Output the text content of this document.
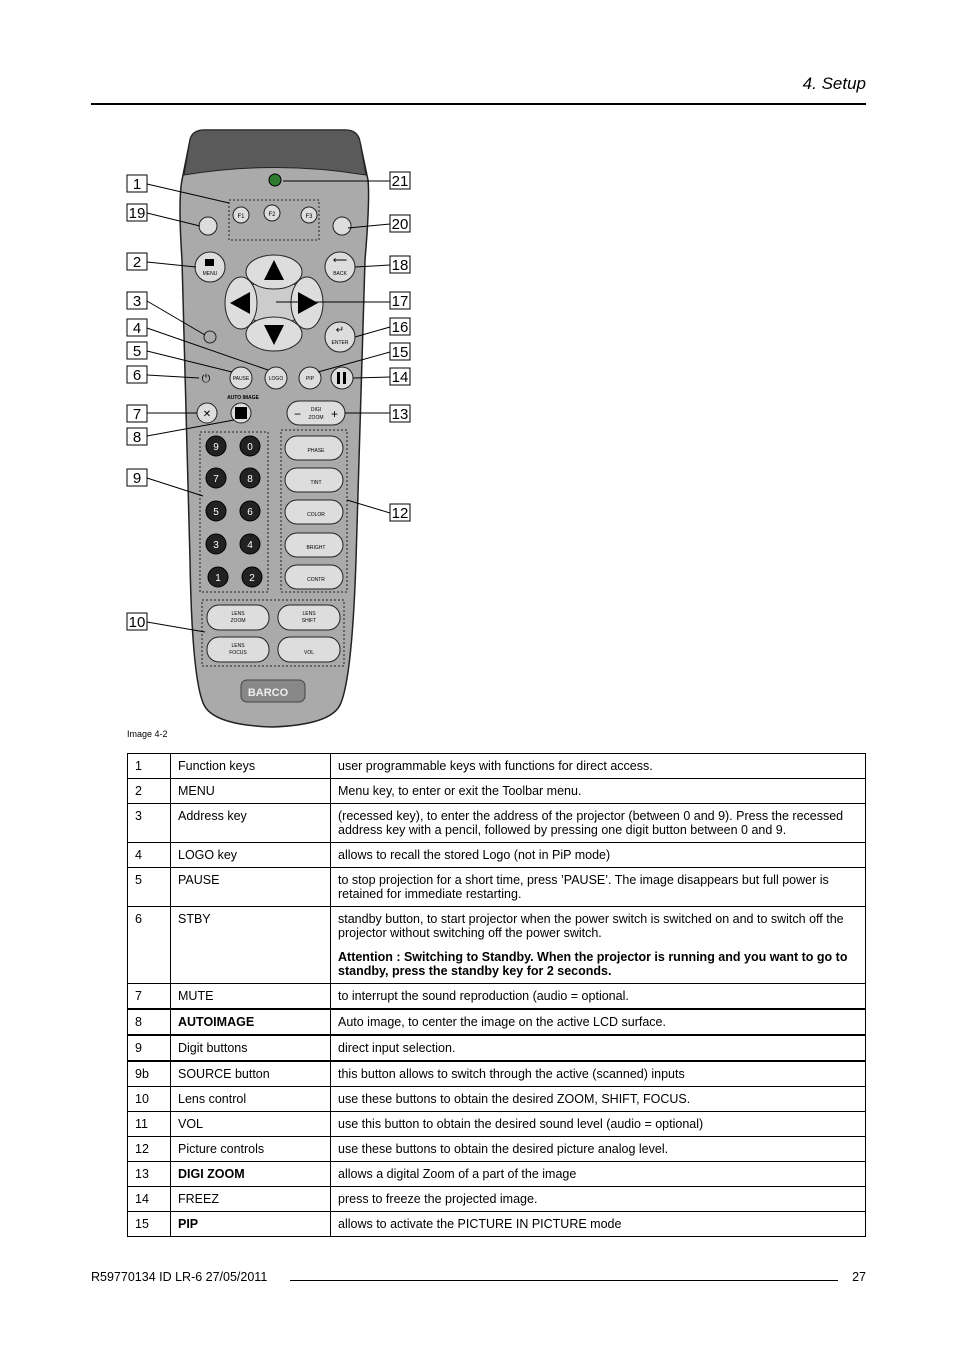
4. Setup
F1	F2	F3
MENU
⟵
BACK
↵
ENTER
⏻	PAUSE	LOGO	PIP
AUTO IMAGE
✕	− +
DIGI
ZOOM
9	0
7	8
5	6
3	4
1	2
PHASE
TINT
COLOR
BRIGHT
CONTR
LENS
ZOOM
LENS
SHIFT
LENS
FOCUS	VOL
BARCO
1
19
2
3
4
5
6
7
8
9
10
21
20
18
17
16
15
14
13
12
Image 4-2
1	Function keys	user programmable keys with functions for direct access.
2	MENU	Menu key, to enter or exit the Toolbar menu.
3	Address key	(recessed key), to enter the address of the projector (between 0 and 9). Press the recessed address key with a pencil, followed by pressing one digit button between 0 and 9.
4	LOGO key	allows to recall the stored Logo (not in PiP mode)
5	PAUSE	to stop projection for a short time, press ’PAUSE’. The image disappears but full power is retained for immediate restarting.
6	STBY	standby button, to start projector when the power switch is switched on and to switch off the projector without switching off the power switch.
Attention : Switching to Standby. When the projector is running and you want to go to standby, press the standby key for 2 seconds.

7	MUTE	to interrupt the sound reproduction (audio = optional.
8	AUTOIMAGE	Auto image, to center the image on the active LCD surface.
9	Digit buttons	direct input selection.
9b	SOURCE button	this button allows to switch through the active (scanned) inputs
10	Lens control	use these buttons to obtain the desired ZOOM, SHIFT, FOCUS.
11	VOL	use this button to obtain the desired sound level (audio = optional)
12	Picture controls	use these buttons to obtain the desired picture analog level.
13	DIGI ZOOM	allows a digital Zoom of a part of the image
14	FREEZ	press to freeze the projected image.
15	PIP	allows to activate the PICTURE IN PICTURE mode
R59770134 ID LR-6 27/05/2011	27
